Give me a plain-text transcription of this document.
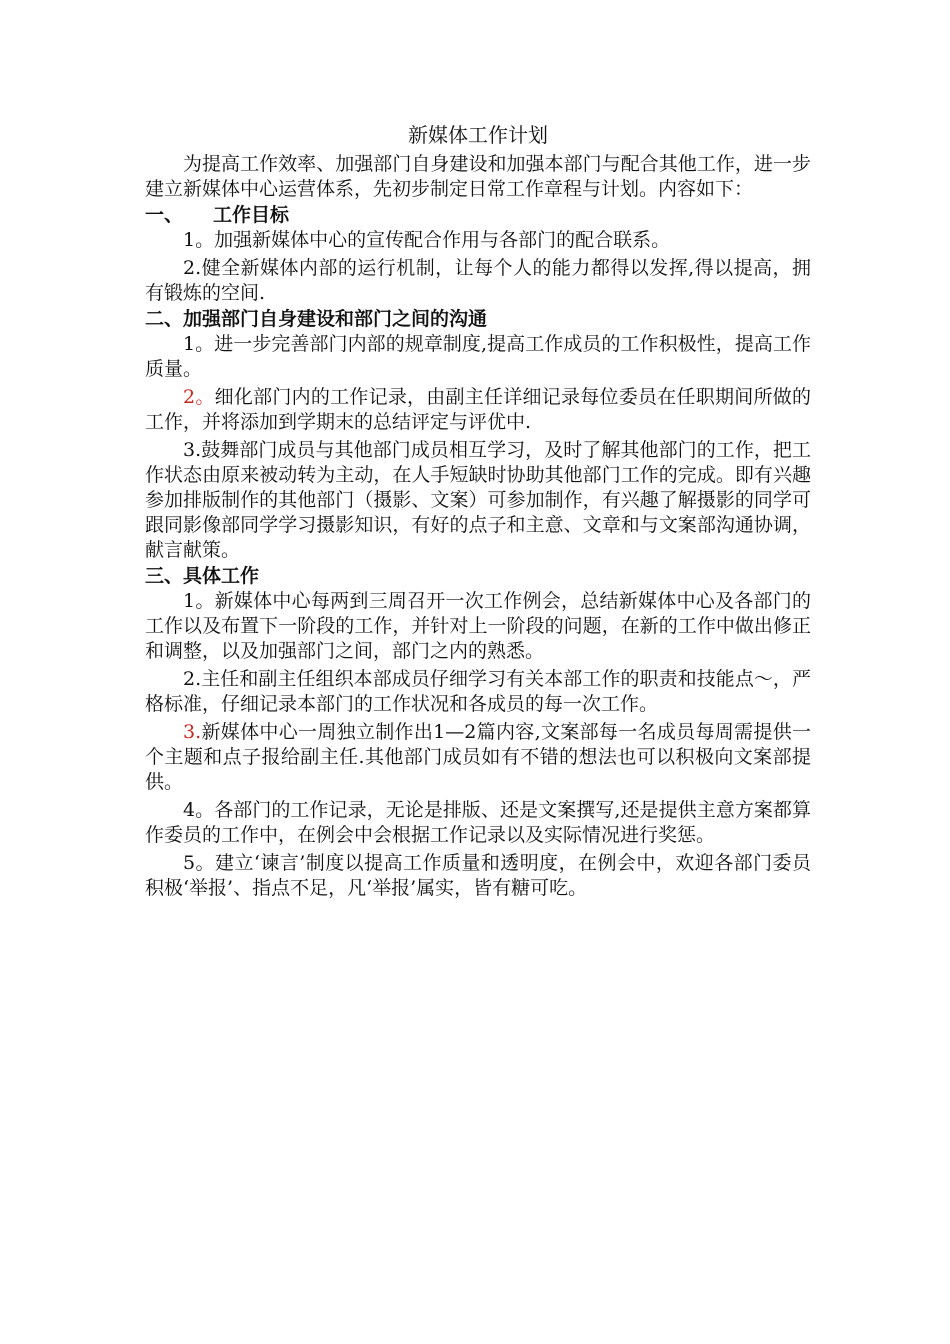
新媒体工作计划

为提高工作效率、加强部门自身建设和加强本部门与配合其他工作，进一步建立新媒体中心运营体系，先初步制定日常工作章程与计划。内容如下：

一、 工作目标

1。加强新媒体中心的宣传配合作用与各部门的配合联系。

2.健全新媒体内部的运行机制，让每个人的能力都得以发挥,得以提高，拥有锻炼的空间.

二、加强部门自身建设和部门之间的沟通

1。进一步完善部门内部的规章制度,提高工作成员的工作积极性，提高工作质量。

2。细化部门内的工作记录，由副主任详细记录每位委员在任职期间所做的工作，并将添加到学期末的总结评定与评优中.

3.鼓舞部门成员与其他部门成员相互学习，及时了解其他部门的工作，把工作状态由原来被动转为主动，在人手短缺时协助其他部门工作的完成。即有兴趣参加排版制作的其他部门（摄影、文案）可参加制作，有兴趣了解摄影的同学可跟同影像部同学学习摄影知识，有好的点子和主意、文章和与文案部沟通协调，献言献策。

三、具体工作

1。新媒体中心每两到三周召开一次工作例会，总结新媒体中心及各部门的工作以及布置下一阶段的工作，并针对上一阶段的问题，在新的工作中做出修正和调整，以及加强部门之间，部门之内的熟悉。

2.主任和副主任组织本部成员仔细学习有关本部工作的职责和技能点～，严格标准，仔细记录本部门的工作状况和各成员的每一次工作。

3.新媒体中心一周独立制作出1—2篇内容,文案部每一名成员每周需提供一个主题和点子报给副主任.其他部门成员如有不错的想法也可以积极向文案部提供。

4。各部门的工作记录，无论是排版、还是文案撰写,还是提供主意方案都算作委员的工作中，在例会中会根据工作记录以及实际情况进行奖惩。

5。建立‘谏言’制度以提高工作质量和透明度，在例会中，欢迎各部门委员积极‘举报’、指点不足，凡‘举报’属实，皆有糖可吃。
